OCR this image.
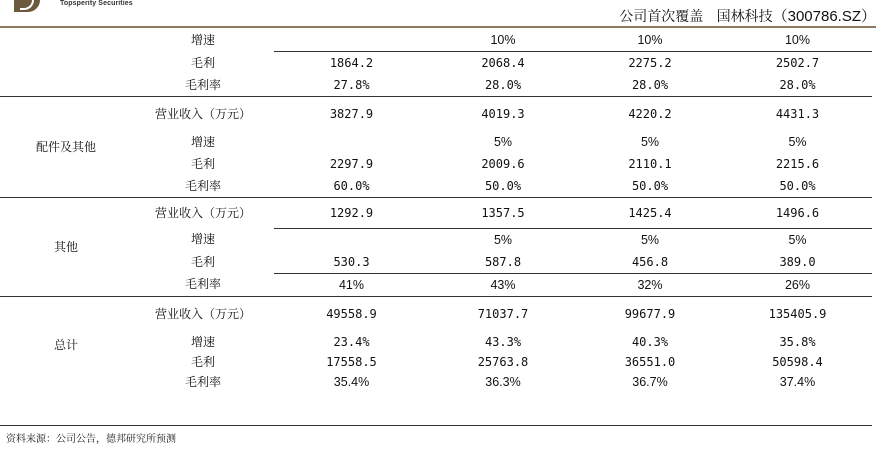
Topsperity Securities
公司首次覆盖 国林科技（300786.SZ）
	增速		10%	10%	10%
	毛利	1864.2	2068.4	2275.2	2502.7
	毛利率	27.8%	28.0%	28.0%	28.0%
配件及其他	营业收入（万元）	3827.9	4019.3	4220.2	4431.3
	增速		5%	5%	5%
	毛利	2297.9	2009.6	2110.1	2215.6
	毛利率	60.0%	50.0%	50.0%	50.0%
其他	营业收入（万元）	1292.9	1357.5	1425.4	1496.6
	增速		5%	5%	5%
	毛利	530.3	587.8	456.8	389.0
	毛利率	41%	43%	32%	26%
总计	营业收入（万元）	49558.9	71037.7	99677.9	135405.9
	增速	23.4%	43.3%	40.3%	35.8%
	毛利	17558.5	25763.8	36551.0	50598.4
	毛利率	35.4%	36.3%	36.7%	37.4%
资料来源：公司公告，德邦研究所预测
